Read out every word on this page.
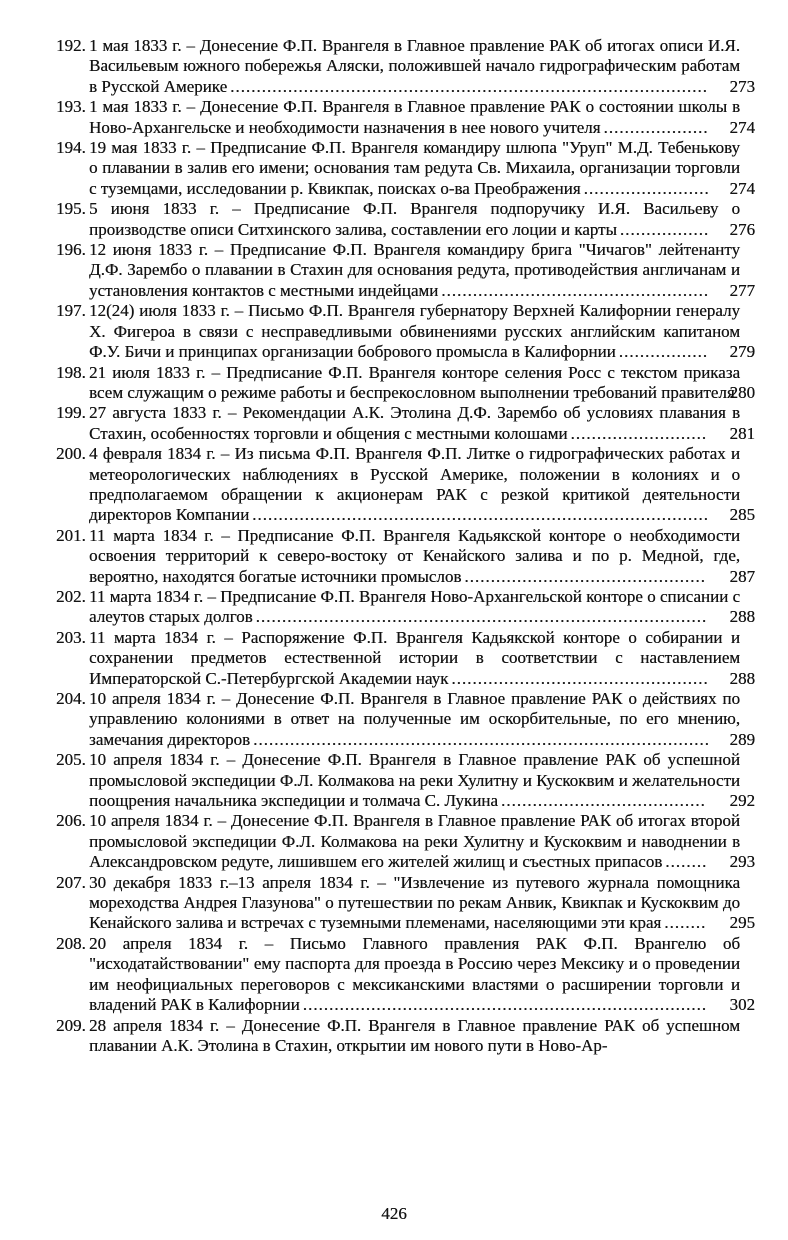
192. 1 мая 1833 г. – Донесение Ф.П. Врангеля в Главное правление РАК об итогах описи И.Я. Васильевым южного побережья Аляски, положившей начало гидрографическим работам в Русской Америке ........................................................................................... 273
193. 1 мая 1833 г. – Донесение Ф.П. Врангеля в Главное правление РАК о состоянии школы в Ново-Архангельске и необходимости назначения в нее нового учителя .................... 274
194. 19 мая 1833 г. – Предписание Ф.П. Врангеля командиру шлюпа "Уруп" М.Д. Тебенькову о плавании в залив его имени; основания там редута Св. Михаила, организации торговли с туземцами, исследовании р. Квикпак, поисках о-ва Преображения ........................ 274
195. 5 июня 1833 г. – Предписание Ф.П. Врангеля подпоручику И.Я. Васильеву о производстве описи Ситхинского залива, составлении его лоции и карты ................. 276
196. 12 июня 1833 г. – Предписание Ф.П. Врангеля командиру брига "Чичагов" лейтенанту Д.Ф. Зарембо о плавании в Стахин для основания редута, противодействия англичанам и установления контактов с местными индейцами ................................................... 277
197. 12(24) июля 1833 г. – Письмо Ф.П. Врангеля губернатору Верхней Калифорнии генералу Х. Фигероа в связи с несправедливыми обвинениями русских английским капитаном Ф.У. Бичи и принципах организации бобрового промысла в Калифорнии ................. 279
198. 21 июля 1833 г. – Предписание Ф.П. Врангеля конторе селения Росс с текстом приказа всем служащим о режиме работы и беспрекословном выполнении требований правителя
280
199. 27 августа 1833 г. – Рекомендации А.К. Этолина Д.Ф. Зарембо об условиях плавания в Стахин, особенностях торговли и общения с местными колошами .......................... 281
200. 4 февраля 1834 г. – Из письма Ф.П. Врангеля Ф.П. Литке о гидрографических работах и метеорологических наблюдениях в Русской Америке, положении в колониях и о предполагаемом обращении к акционерам РАК с резкой критикой деятельности директоров Компании ....................................................................................... 285
201. 11 марта 1834 г. – Предписание Ф.П. Врангеля Кадьякской конторе о необходимости освоения территорий к северо-востоку от Кенайского залива и по р. Медной, где, вероятно, находятся богатые источники промыслов .............................................. 287
202. 11 марта 1834 г. – Предписание Ф.П. Врангеля Ново-Архангельской конторе о списании с алеутов старых долгов ...................................................................................... 288
203. 11 марта 1834 г. – Распоряжение Ф.П. Врангеля Кадьякской конторе о собирании и сохранении предметов естественной истории в соответствии с наставлением Императорской С.-Петербургской Академии наук ................................................. 288
204. 10 апреля 1834 г. – Донесение Ф.П. Врангеля в Главное правление РАК о действиях по управлению колониями в ответ на полученные им оскорбительные, по его мнению, замечания директоров ....................................................................................... 289
205. 10 апреля 1834 г. – Донесение Ф.П. Врангеля в Главное правление РАК об успешной промысловой экспедиции Ф.Л. Колмакова на реки Хулитну и Кускоквим и желательности поощрения начальника экспедиции и толмача С. Лукина ....................................... 292
206. 10 апреля 1834 г. – Донесение Ф.П. Врангеля в Главное правление РАК об итогах второй промысловой экспедиции Ф.Л. Колмакова на реки Хулитну и Кускоквим и наводнении в Александровском редуте, лишившем его жителей жилищ и съестных припасов ........ 293
207. 30 декабря 1833 г.–13 апреля 1834 г. – "Извлечение из путевого журнала помощника мореходства Андрея Глазунова" о путешествии по рекам Анвик, Квикпак и Кускоквим до Кенайского залива и встречах с туземными племенами, населяющими эти края ........ 295
208. 20 апреля 1834 г. – Письмо Главного правления РАК Ф.П. Врангелю об "исходатайствовании" ему паспорта для проезда в Россию через Мексику и о проведении им неофициальных переговоров с мексиканскими властями о расширении торговли и владений РАК в Калифорнии ............................................................................. 302
209. 28 апреля 1834 г. – Донесение Ф.П. Врангеля в Главное правление РАК об успешном плавании А.К. Этолина в Стахин, открытии им нового пути в Ново-Ар-
426
